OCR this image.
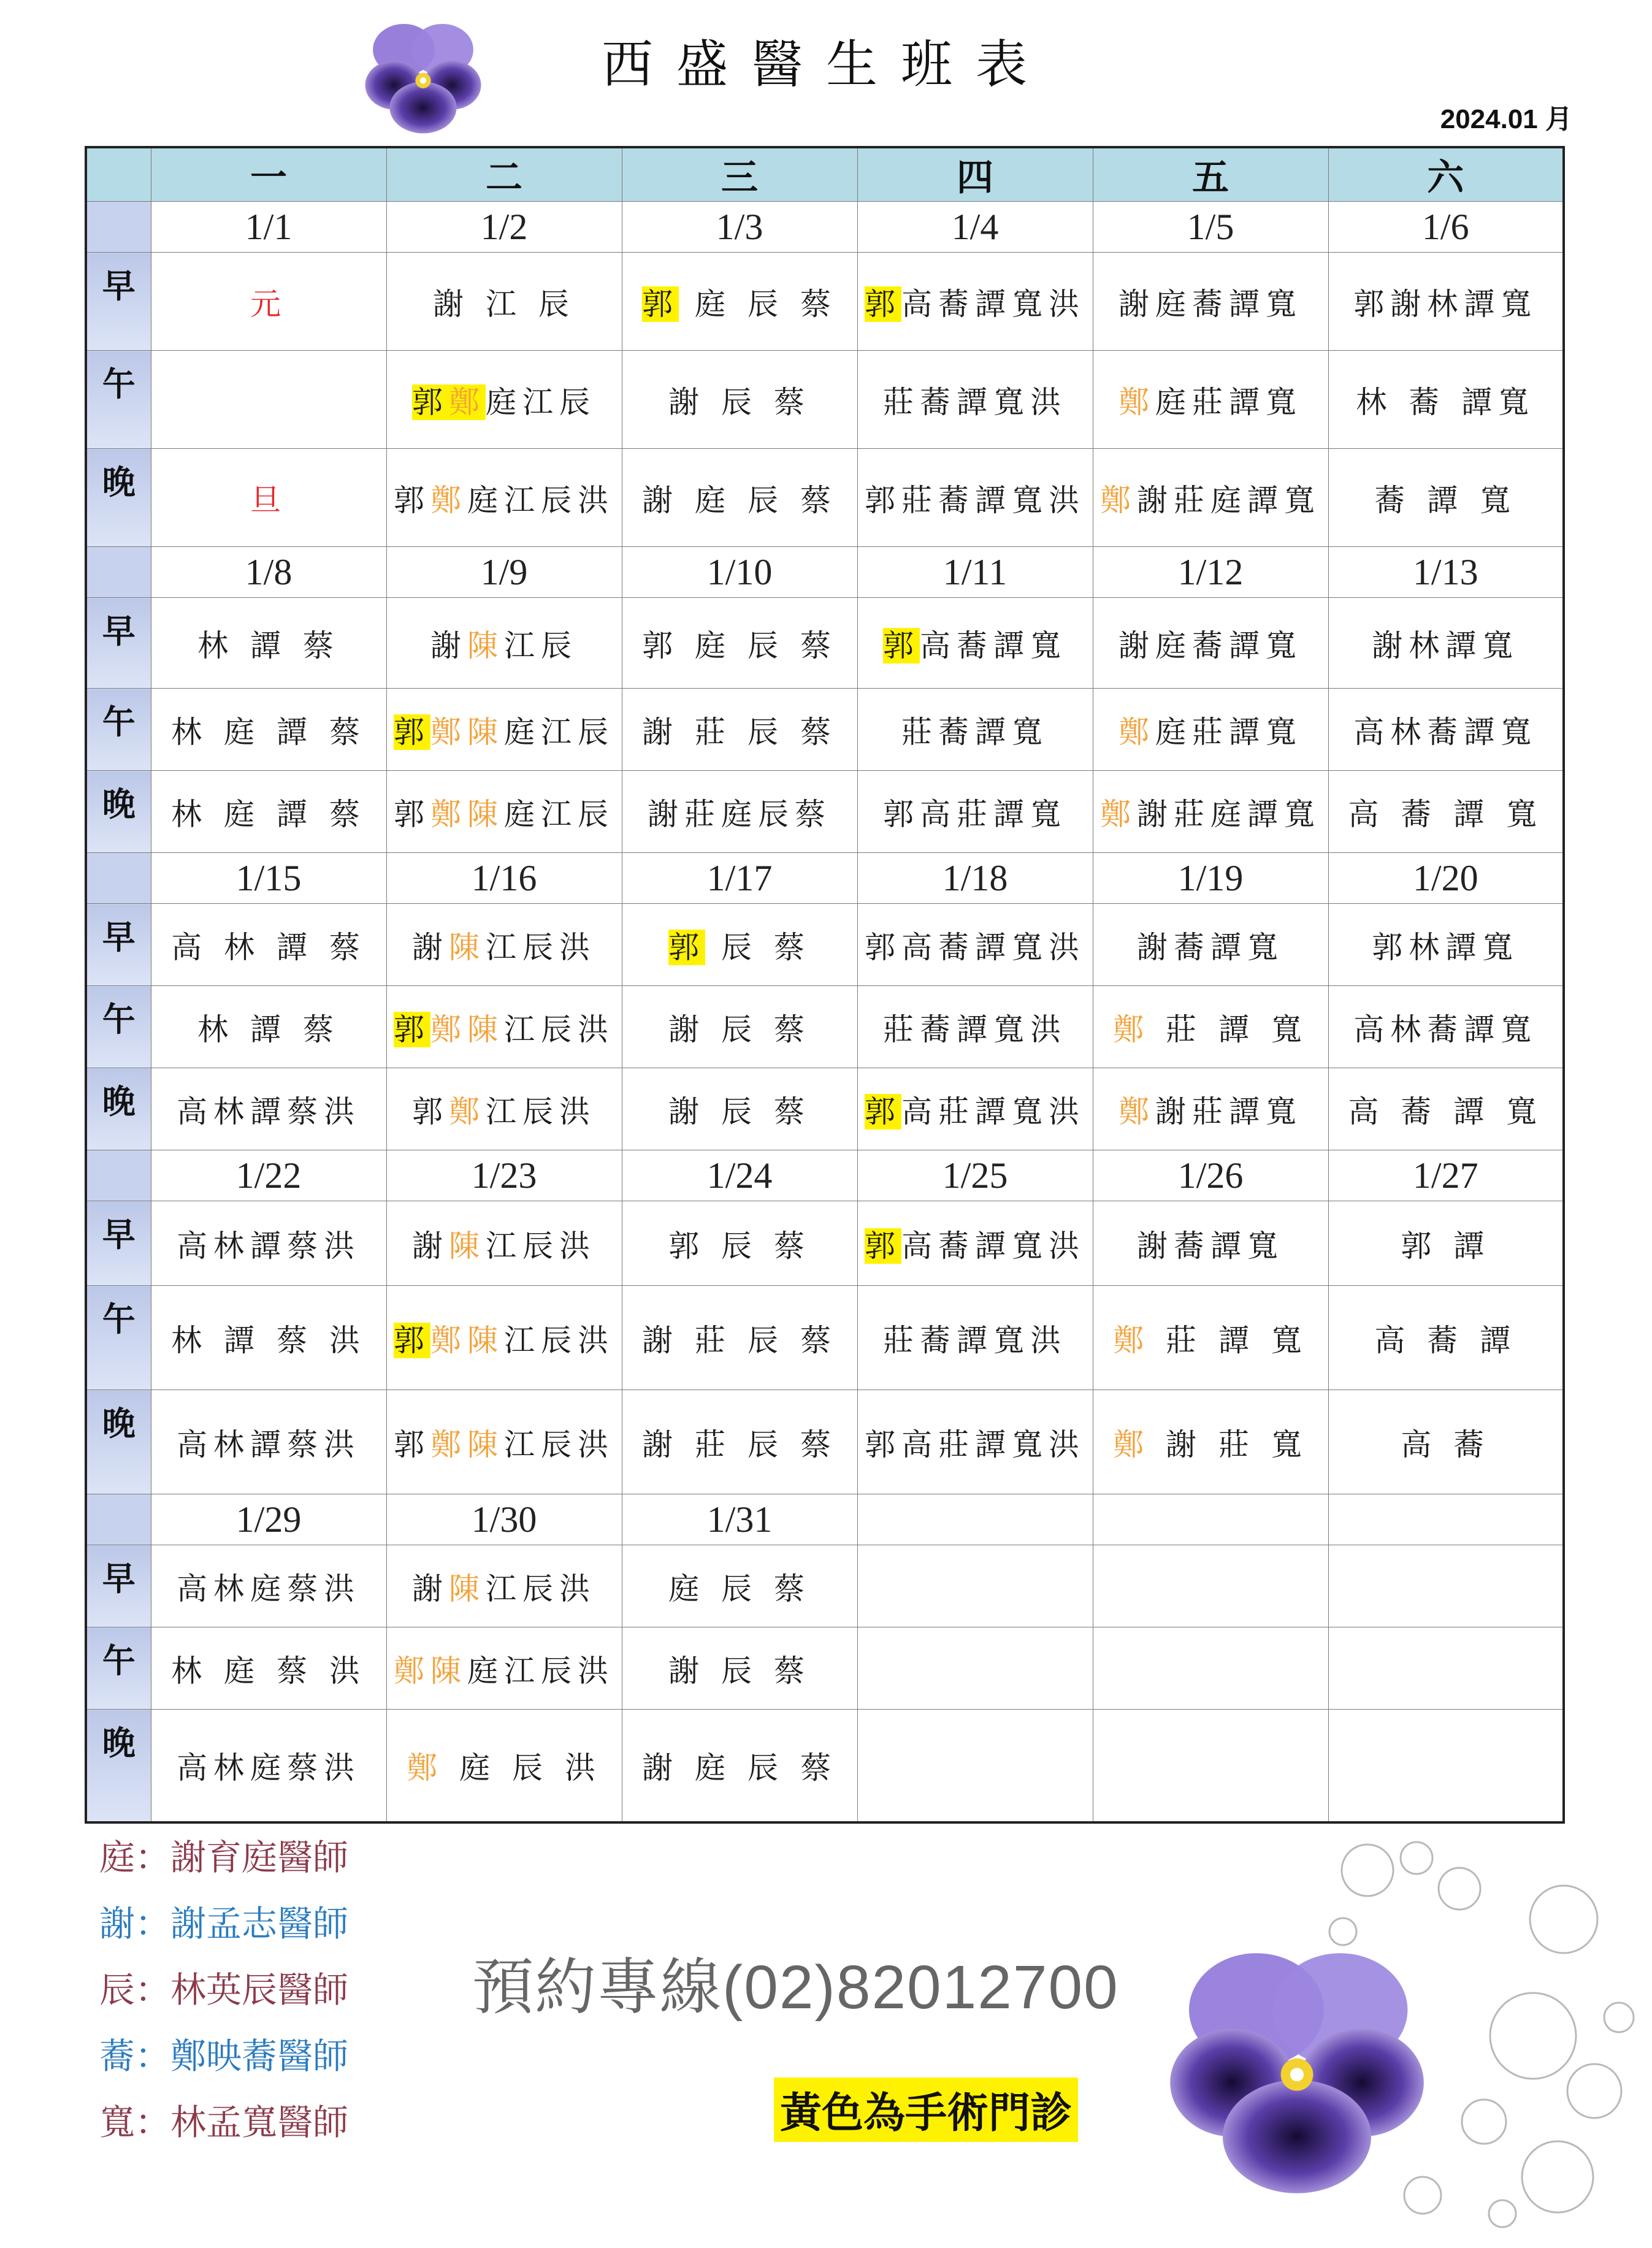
西盛醫生班表
2024.01 月
	一	二	三	四	五	六
	1/1	1/2	1/3	1/4	1/5	1/6

早	元	謝 江 辰	郭 庭 辰 蔡	郭高蕎譚寬洪	謝庭蕎譚寬	郭謝林譚寬

午		郭鄭庭江辰	謝 辰 蔡	莊蕎譚寬洪	鄭庭莊譚寬	林 蕎 譚寬

晚	旦	郭鄭庭江辰洪	謝 庭 辰 蔡	郭莊蕎譚寬洪	鄭謝莊庭譚寬	蕎 譚 寬
	1/8	1/9	1/10	1/11	1/12	1/13

早	林 譚 蔡	謝陳江辰	郭 庭 辰 蔡	郭高蕎譚寬	謝庭蕎譚寬	謝林譚寬

午	林 庭 譚 蔡	郭鄭陳庭江辰	謝 莊 辰 蔡	莊蕎譚寬	鄭庭莊譚寬	高林蕎譚寬

晚	林 庭 譚 蔡	郭鄭陳庭江辰	謝莊庭辰蔡	郭高莊譚寬	鄭謝莊庭譚寬	高 蕎 譚 寬
	1/15	1/16	1/17	1/18	1/19	1/20

早	高 林 譚 蔡	謝陳江辰洪	郭 辰 蔡	郭高蕎譚寬洪	謝蕎譚寬	郭林譚寬

午	林 譚 蔡	郭鄭陳江辰洪	謝 辰 蔡	莊蕎譚寬洪	鄭 莊 譚 寬	高林蕎譚寬

晚	高林譚蔡洪	郭鄭江辰洪	謝 辰 蔡	郭高莊譚寬洪	鄭謝莊譚寬	高 蕎 譚 寬
	1/22	1/23	1/24	1/25	1/26	1/27

早	高林譚蔡洪	謝陳江辰洪	郭 辰 蔡	郭高蕎譚寬洪	謝蕎譚寬	郭 譚

午	林 譚 蔡 洪	郭鄭陳江辰洪	謝 莊 辰 蔡	莊蕎譚寬洪	鄭 莊 譚 寬	高 蕎 譚

晚	高林譚蔡洪	郭鄭陳江辰洪	謝 莊 辰 蔡	郭高莊譚寬洪	鄭 謝 莊 寬	高 蕎
	1/29	1/30	1/31			

早	高林庭蔡洪	謝陳江辰洪	庭 辰 蔡			

午	林 庭 蔡 洪	鄭陳庭江辰洪	謝 辰 蔡			

晚	高林庭蔡洪	鄭 庭 辰 洪	謝 庭 辰 蔡			
庭：謝育庭醫師
謝：謝孟志醫師
辰：林英辰醫師
蕎：鄭映蕎醫師
寬：林孟寬醫師
預約專線(02)82012700
黃色為手術門診
